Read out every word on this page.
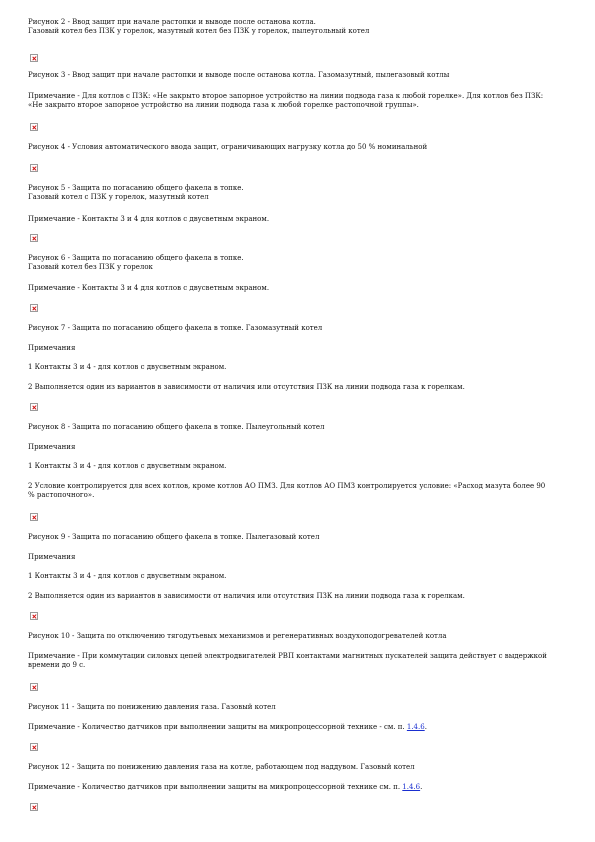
Рисунок 2 - Ввод защит при начале растопки и выводе после останова котла.
Газовый котел без ПЗК у горелок, мазутный котел без ПЗК у горелок, пылеугольный котел
Рисунок 3 - Ввод защит при начале растопки и выводе после останова котла. Газомазутный, пылегазовый котлы
Примечание - Для котлов с ПЗК: «Не закрыто второе запорное устройство на линии подвода газа к любой горелке». Для котлов без ПЗК:
«Не закрыто второе запорное устройство на линии подвода газа к любой горелке растопочной группы».
Рисунок 4 - Условия автоматического ввода защит, ограничивающих нагрузку котла до 50 % номинальной
Рисунок 5 - Защита по погасанию общего факела в топке.
Газовый котел с ПЗК у горелок, мазутный котел
Примечание - Контакты 3 и 4 для котлов с двусветным экраном.
Рисунок 6 - Защита по погасанию общего факела в топке.
Газовый котел без ПЗК у горелок
Примечание - Контакты 3 и 4 для котлов с двусветным экраном.
Рисунок 7 - Защита по погасанию общего факела в топке. Газомазутный котел
Примечания
1 Контакты 3 и 4 - для котлов с двусветным экраном.
2 Выполняется один из вариантов в зависимости от наличия или отсутствия ПЗК на линии подвода газа к горелкам.
Рисунок 8 - Защита по погасанию общего факела в топке. Пылеугольный котел
Примечания
1 Контакты 3 и 4 - для котлов с двусветным экраном.
2 Условие контролируется для всех котлов, кроме котлов АО ПМЗ. Для котлов АО ПМЗ контролируется условие: «Расход мазута более 90
% растопочного».
Рисунок 9 - Защита по погасанию общего факела в топке. Пылегазовый котел
Примечания
1 Контакты 3 и 4 - для котлов с двусветным экраном.
2 Выполняется один из вариантов в зависимости от наличия или отсутствия ПЗК на линии подвода газа к горелкам.
Рисунок 10 - Защита по отключению тягодутьевых механизмов и регенеративных воздухоподогревателей котла
Примечание - При коммутации силовых цепей электродвигателей РВП контактами магнитных пускателей защита действует с выдержкой
времени до 9 с.
Рисунок 11 - Защита по понижению давления газа. Газовый котел
Примечание - Количество датчиков при выполнении защиты на микропроцессорной технике - см. п. 1.4.6.
Рисунок 12 - Защита по понижению давления газа на котле, работающем под наддувом. Газовый котел
Примечание - Количество датчиков при выполнении защиты на микропроцессорной технике см. п. 1.4.6.
